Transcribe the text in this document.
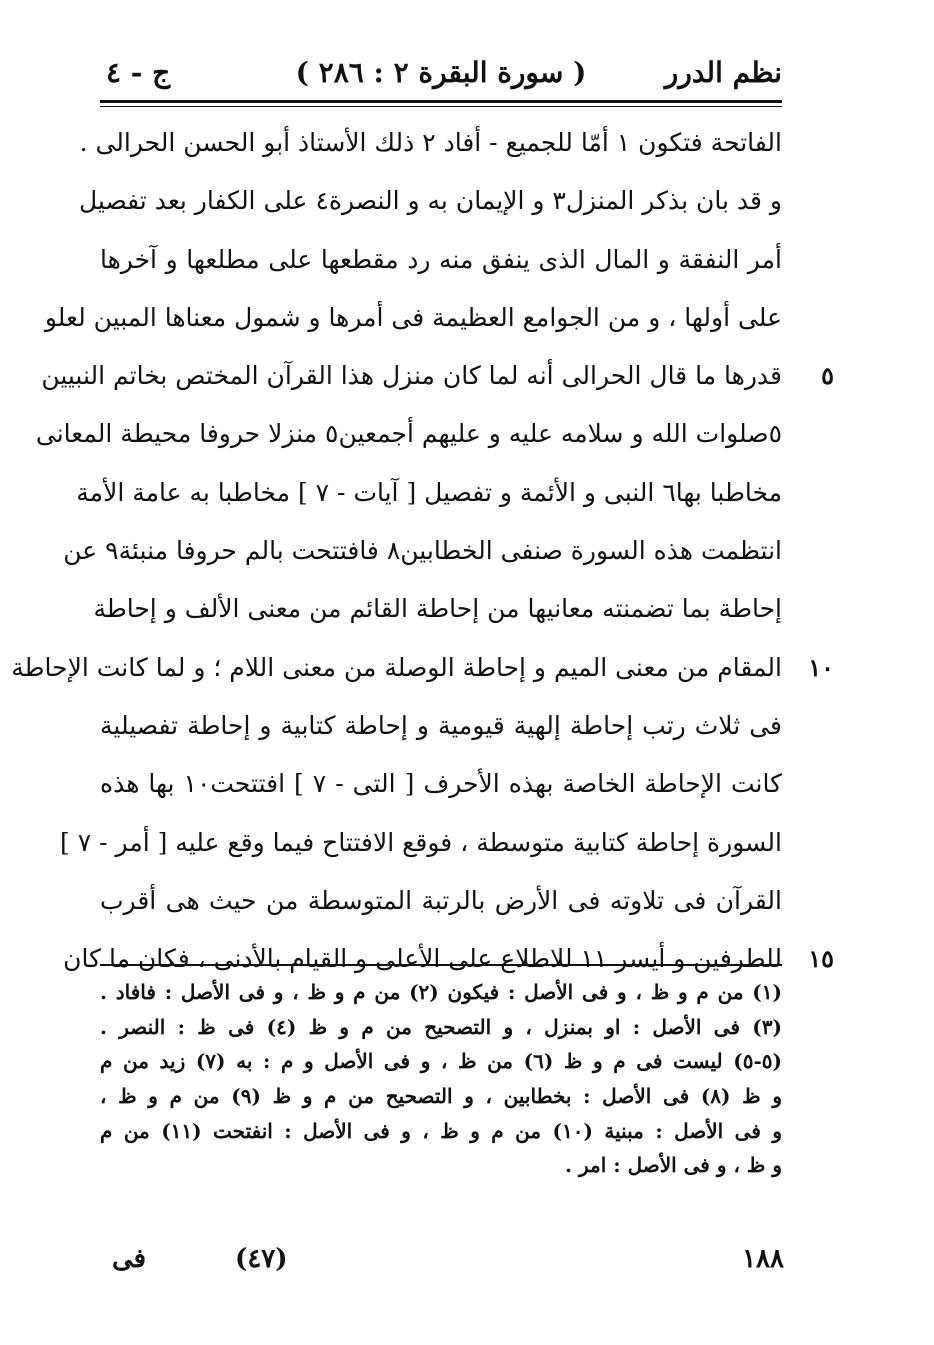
نظم الدرر
( سورة البقرة ٢ : ٢٨٦ )
ج - ٤
الفاتحة فتكون ١ أمّا للجميع - أفاد ٢ ذلك الأستاذ أبو الحسن الحرالى .
و قد بان بذكر المنزل٣ و الإيمان به و النصرة٤ على الكفار بعد تفصيل
أمر النفقة و المال الذى ينفق منه رد مقطعها على مطلعها و آخرها
على أولها ، و من الجوامع العظيمة فى أمرها و شمول معناها المبين لعلو
قدرها ما قال الحرالى أنه لما كان منزل هذا القرآن المختص بخاتم النبيين	٥
٥صلوات الله و سلامه عليه و عليهم أجمعين٥ منزلا حروفا محيطة المعانى
مخاطبا بها٦ النبى و الأئمة و تفصيل [ آيات - ٧ ] مخاطبا به عامة الأمة
انتظمت هذه السورة صنفى الخطابين٨ فافتتحت بالم حروفا منبئة٩ عن
إحاطة بما تضمنته معانيها من إحاطة القائم من معنى الألف و إحاطة
المقام من معنى الميم و إحاطة الوصلة من معنى اللام ؛ و لما كانت الإحاطة	١٠
فى ثلاث رتب إحاطة إلهية قيومية و إحاطة كتابية و إحاطة تفصيلية
كانت الإحاطة الخاصة بهذه الأحرف [ التى - ٧ ] افتتحت١٠ بها هذه
السورة إحاطة كتابية متوسطة ، فوقع الافتتاح فيما وقع عليه [ أمر - ٧ ]
القرآن فى تلاوته فى الأرض بالرتبة المتوسطة من حيث هى أقرب
للطرفين و أيسر ١١ للاطلاع على الأعلى و القيام بالأدنى ، فكان ما كان	١٥
(١) من م و ظ ، و فى الأصل : فيكون (٢) من م و ظ ، و فى الأصل : فافاد .
(٣) فى الأصل : او بمنزل ، و التصحيح من م و ظ (٤) فى ظ : النصر .
(٥-٥) ليست فى م و ظ (٦) من ظ ، و فى الأصل و م : به (٧) زيد من م
و ظ (٨) فى الأصل : بخطابين ، و التصحيح من م و ظ (٩) من م و ظ ،
و فى الأصل : مبنية (١٠) من م و ظ ، و فى الأصل : انفتحت (١١) من م
و ظ ، و فى الأصل : امر .
١٨٨
(٤٧)
فى
